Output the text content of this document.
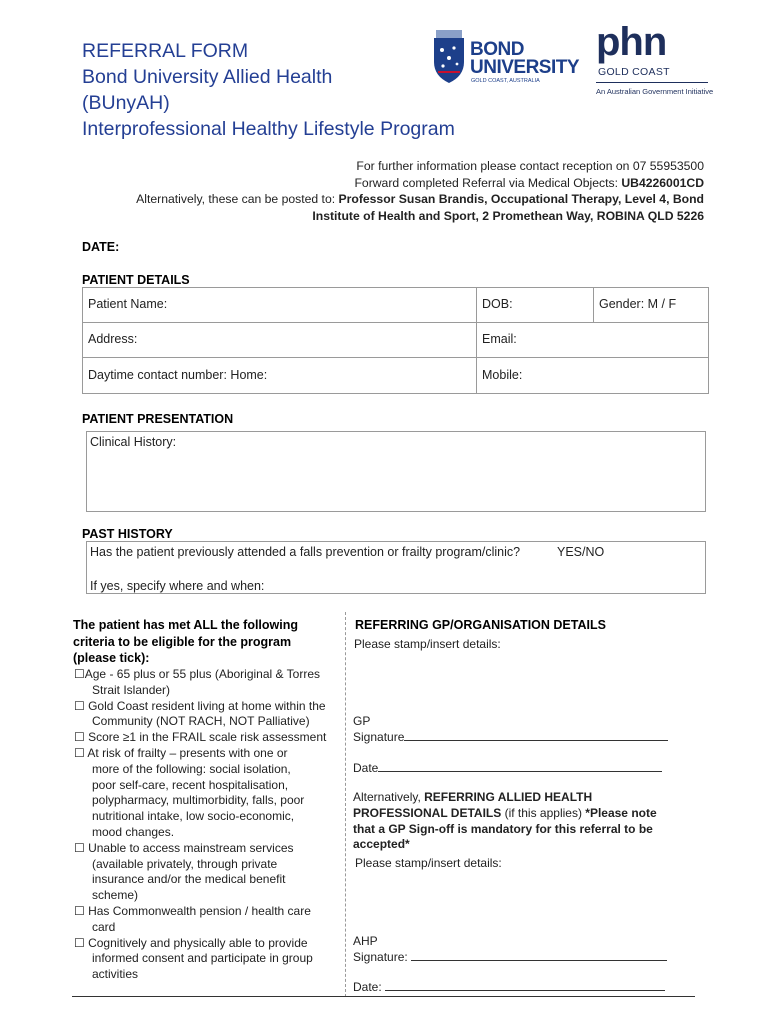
REFERRAL FORM
Bond University Allied Health
(BUnyAH)
Interprofessional Healthy Lifestyle Program
BOND
UNIVERSITY
GOLD COAST, AUSTRALIA
phn
GOLD COAST
An Australian Government Initiative
For further information please contact reception on 07 55953500
Forward completed Referral via Medical Objects: UB4226001CD
Alternatively, these can be posted to: Professor Susan Brandis, Occupational Therapy, Level 4, Bond
Institute of Health and Sport, 2 Promethean Way, ROBINA QLD 5226
DATE:
PATIENT DETAILS
Patient Name:	DOB:	Gender: M / F
Address:	Email:
Daytime contact number: Home:	Mobile:
PATIENT PRESENTATION
Clinical History:
PAST HISTORY
Has the patient previously attended a falls prevention or frailty program/clinic?	YES/NO
If yes, specify where and when:
The patient has met ALL the following
criteria to be eligible for the program
(please tick):
☐Age - 65 plus or 55 plus (Aboriginal & Torres
Strait Islander)
☐ Gold Coast resident living at home within the
Community (NOT RACH, NOT Palliative)
☐ Score ≥1 in the FRAIL scale risk assessment
☐ At risk of frailty – presents with one or
more of the following: social isolation,
poor self-care, recent hospitalisation,
polypharmacy, multimorbidity, falls, poor
nutritional intake, low socio-economic,
mood changes.
☐ Unable to access mainstream services
(available privately, through private
insurance and/or the medical benefit
scheme)
☐ Has Commonwealth pension / health care
card
☐ Cognitively and physically able to provide
informed consent and participate in group
activities
REFERRING GP/ORGANISATION DETAILS
Please stamp/insert details:
GP
Signature
Date
Alternatively, REFERRING ALLIED HEALTH
PROFESSIONAL DETAILS (if this applies) *Please note
that a GP Sign-off is mandatory for this referral to be
accepted*
Please stamp/insert details:
AHP
Signature:
Date:
